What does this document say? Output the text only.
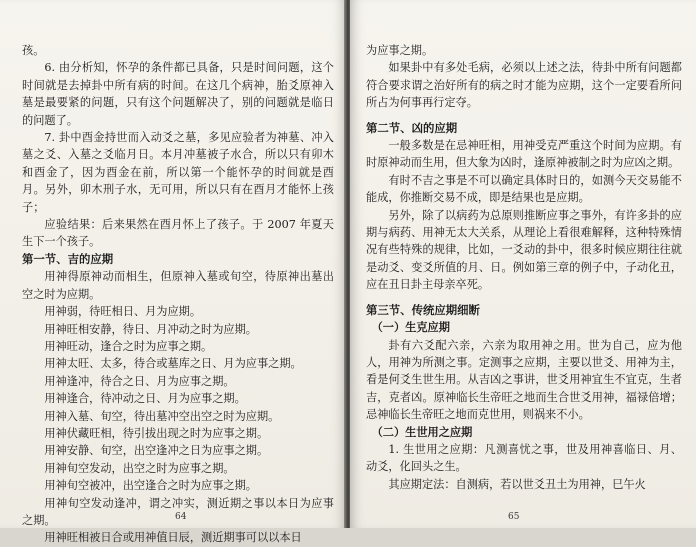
孩。

6. 由分析知，怀孕的条件都已具备，只是时间问题，这个时间就是去掉卦中所有病的时间。在这几个病神，胎爻原神入墓是最要紧的问题，只有这个问题解决了，别的问题就是临日的问题了。

7. 卦中酉金持世而入动爻之墓，多见应验者为神墓、冲入墓之爻、入墓之爻临月日。本月冲墓被子水合，所以只有卯木和酉金了，因为酉金在前，所以第一个能怀孕的时间就是酉月。另外，卯木刑子水，无可用，所以只有在酉月才能怀上孩子；

应验结果：后来果然在酉月怀上了孩子。于 2007 年夏天生下一个孩子。

第一节、吉的应期

用神得原神动而相生，但原神入墓或旬空，待原神出墓出空之时为应期。

用神弱，待旺相日、月为应期。

用神旺相安静，待日、月冲动之时为应期。

用神旺动，逢合之时为应事之期。

用神太旺、太多，待合或墓库之日、月为应事之期。

用神逢冲，待合之日、月为应事之期。

用神逢合，待冲动之日、月为应事之期。

用神入墓、旬空，待出墓冲空出空之时为应期。

用神伏藏旺相，待引拔出现之时为应事之期。

用神安静、旬空，出空逢冲之日为应事之期。

用神旬空发动，出空之时为应事之期。

用神旬空被冲，出空逢合之时为应事之期。

用神旬空发动逢冲，谓之冲实，测近期之事以本日为应事之期。

用神旺相被日合或用神值日辰，测近期事可以以本日

64

为应事之期。

如果卦中有多处毛病，必须以上述之法，待卦中所有问题都符合要求谓之治好所有的病之时才能为应期，这个一定要看所问所占为何事再行定夺。

第二节、凶的应期

一般多数是在忌神旺相，用神受克严重这个时间为应期。有时原神动而生用，但大象为凶时，逢原神被制之时为应凶之期。

有时不吉之事是不可以确定具体时日的，如测今天交易能不能成，你推断交易不成，即是结果也是应期。

另外，除了以病药为总原则推断应事之事外，有许多卦的应期与病药、用神无太大关系，从理论上看很难解释，这种特殊情况有些特殊的规律，比如，一爻动的卦中，很多时候应期往往就是动爻、变爻所值的月、日。例如第三章的例子中，子动化丑，应在丑日卦主母亲卒死。

第三节、传统应期细断

（一）生克应期

卦有六爻配六亲，六亲为取用神之用。世为自己，应为他人，用神为所测之事。定测事之应期，主要以世爻、用神为主，看是何爻生世生用。从吉凶之事讲，世爻用神宜生不宜克，生者吉，克者凶。原神临长生帝旺之地而生合世爻用神，福禄倍增；忌神临长生帝旺之地而克世用，则祸来不小。

（二）生世用之应期

1. 生世用之应期：凡测喜忧之事，世及用神喜临日、月、动爻，化回头之生。

其应期定法：自测病，若以世爻丑土为用神，巳午火

65
